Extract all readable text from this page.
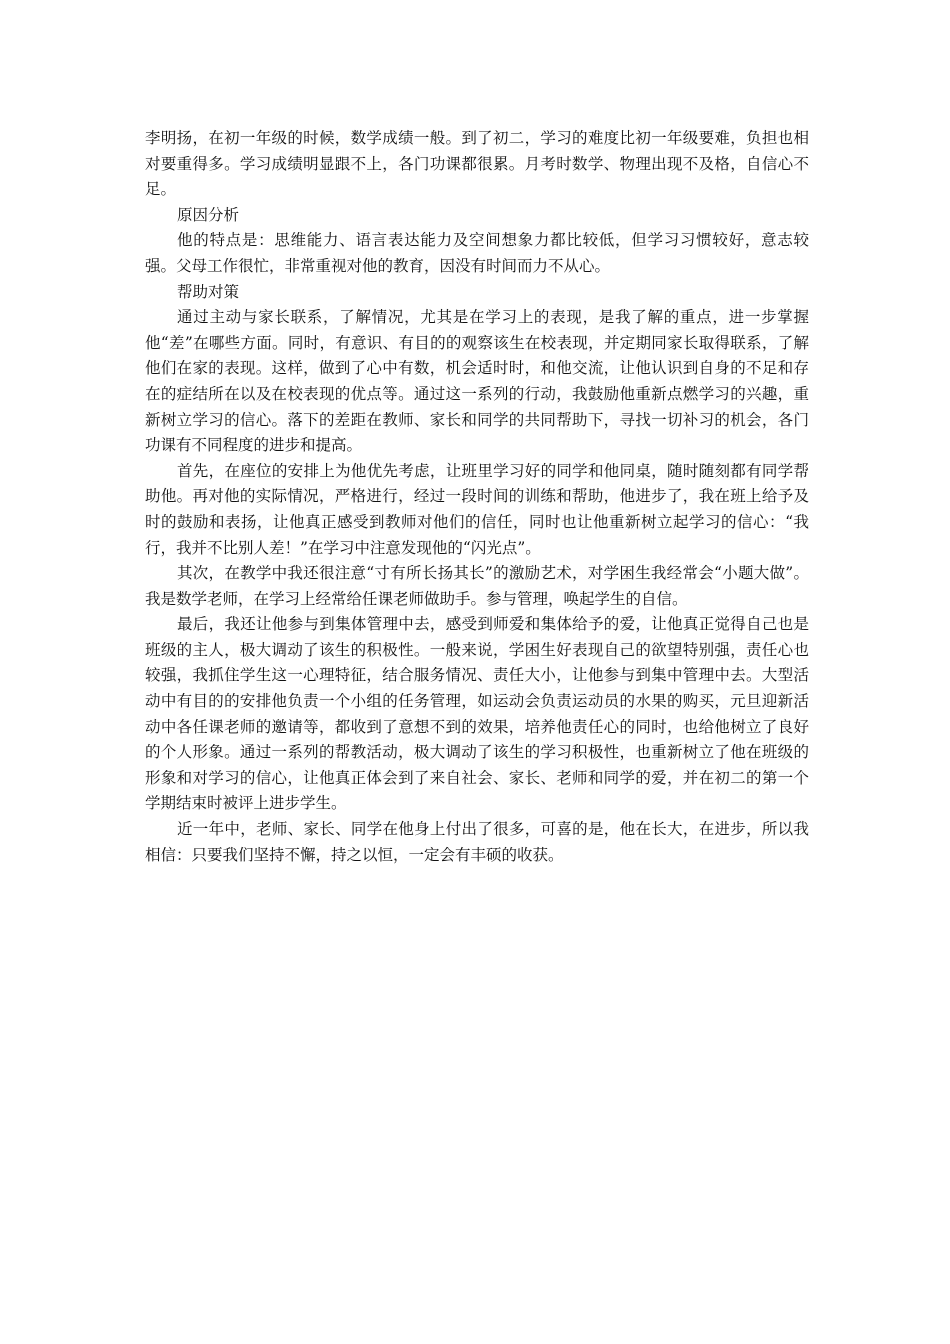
李明扬，在初一年级的时候，数学成绩一般。到了初二，学习的难度比初一年级要难，负担也相对要重得多。学习成绩明显跟不上，各门功课都很累。月考时数学、物理出现不及格，自信心不足。

原因分析

他的特点是：思维能力、语言表达能力及空间想象力都比较低，但学习习惯较好，意志较强。父母工作很忙，非常重视对他的教育，因没有时间而力不从心。

帮助对策

通过主动与家长联系，了解情况，尤其是在学习上的表现，是我了解的重点，进一步掌握他“差”在哪些方面。同时，有意识、有目的的观察该生在校表现，并定期同家长取得联系，了解他们在家的表现。这样，做到了心中有数，机会适时时，和他交流，让他认识到自身的不足和存在的症结所在以及在校表现的优点等。通过这一系列的行动，我鼓励他重新点燃学习的兴趣，重新树立学习的信心。落下的差距在教师、家长和同学的共同帮助下，寻找一切补习的机会，各门功课有不同程度的进步和提高。

首先，在座位的安排上为他优先考虑，让班里学习好的同学和他同桌，随时随刻都有同学帮助他。再对他的实际情况，严格进行，经过一段时间的训练和帮助，他进步了，我在班上给予及时的鼓励和表扬，让他真正感受到教师对他们的信任，同时也让他重新树立起学习的信心：“我行，我并不比别人差！”在学习中注意发现他的“闪光点”。

其次，在教学中我还很注意“寸有所长扬其长”的激励艺术，对学困生我经常会“小题大做”。我是数学老师，在学习上经常给任课老师做助手。参与管理，唤起学生的自信。

最后，我还让他参与到集体管理中去，感受到师爱和集体给予的爱，让他真正觉得自己也是班级的主人，极大调动了该生的积极性。一般来说，学困生好表现自己的欲望特别强，责任心也较强，我抓住学生这一心理特征，结合服务情况、责任大小，让他参与到集中管理中去。大型活动中有目的的安排他负责一个小组的任务管理，如运动会负责运动员的水果的购买，元旦迎新活动中各任课老师的邀请等，都收到了意想不到的效果，培养他责任心的同时，也给他树立了良好的个人形象。通过一系列的帮教活动，极大调动了该生的学习积极性，也重新树立了他在班级的形象和对学习的信心，让他真正体会到了来自社会、家长、老师和同学的爱，并在初二的第一个学期结束时被评上进步学生。

近一年中，老师、家长、同学在他身上付出了很多，可喜的是，他在长大，在进步，所以我相信：只要我们坚持不懈，持之以恒，一定会有丰硕的收获。
